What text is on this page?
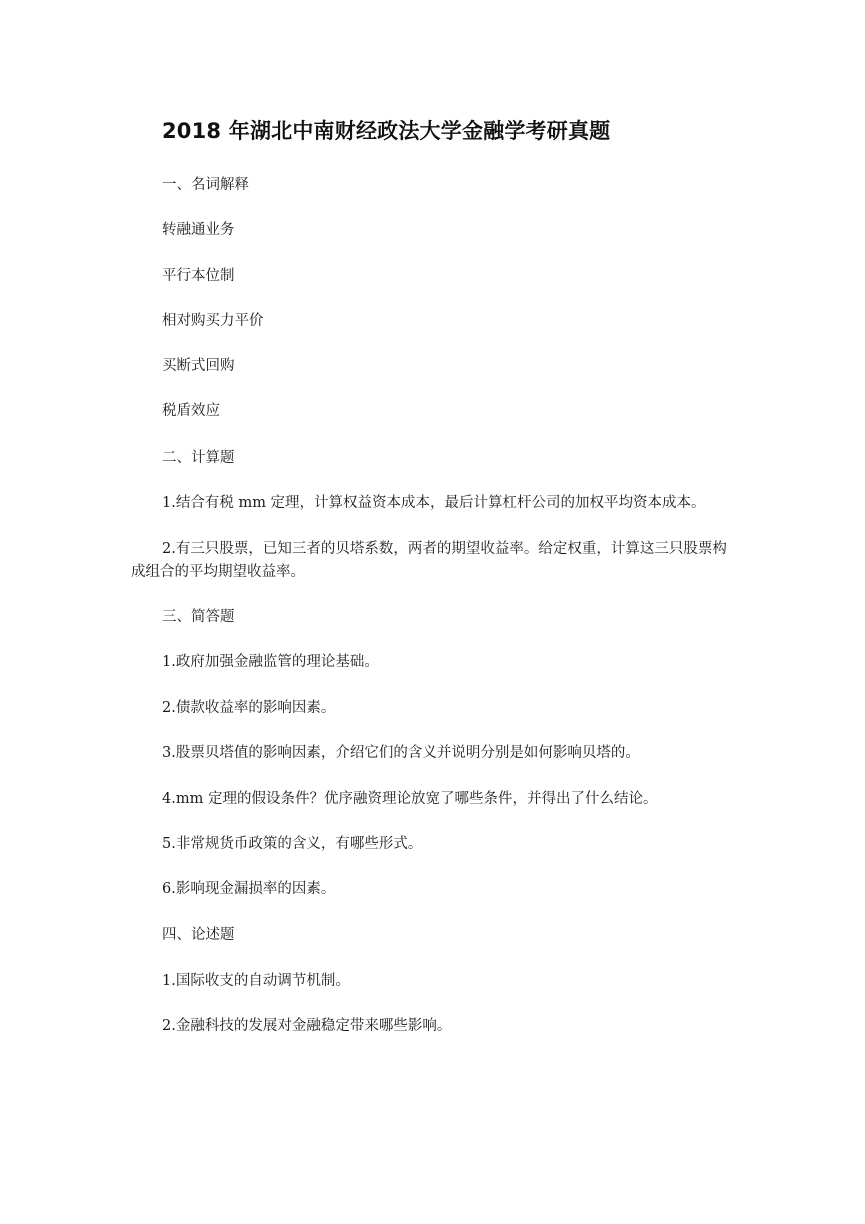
2018 年湖北中南财经政法大学金融学考研真题
一、名词解释
转融通业务
平行本位制
相对购买力平价
买断式回购
税盾效应
二、计算题
1.结合有税 mm 定理，计算权益资本成本，最后计算杠杆公司的加权平均资本成本。
2.有三只股票，已知三者的贝塔系数，两者的期望收益率。给定权重，计算这三只股票构成组合的平均期望收益率。
三、简答题
1.政府加强金融监管的理论基础。
2.债款收益率的影响因素。
3.股票贝塔值的影响因素，介绍它们的含义并说明分别是如何影响贝塔的。
4.mm 定理的假设条件？优序融资理论放宽了哪些条件，并得出了什么结论。
5.非常规货币政策的含义，有哪些形式。
6.影响现金漏损率的因素。
四、论述题
1.国际收支的自动调节机制。
2.金融科技的发展对金融稳定带来哪些影响。
